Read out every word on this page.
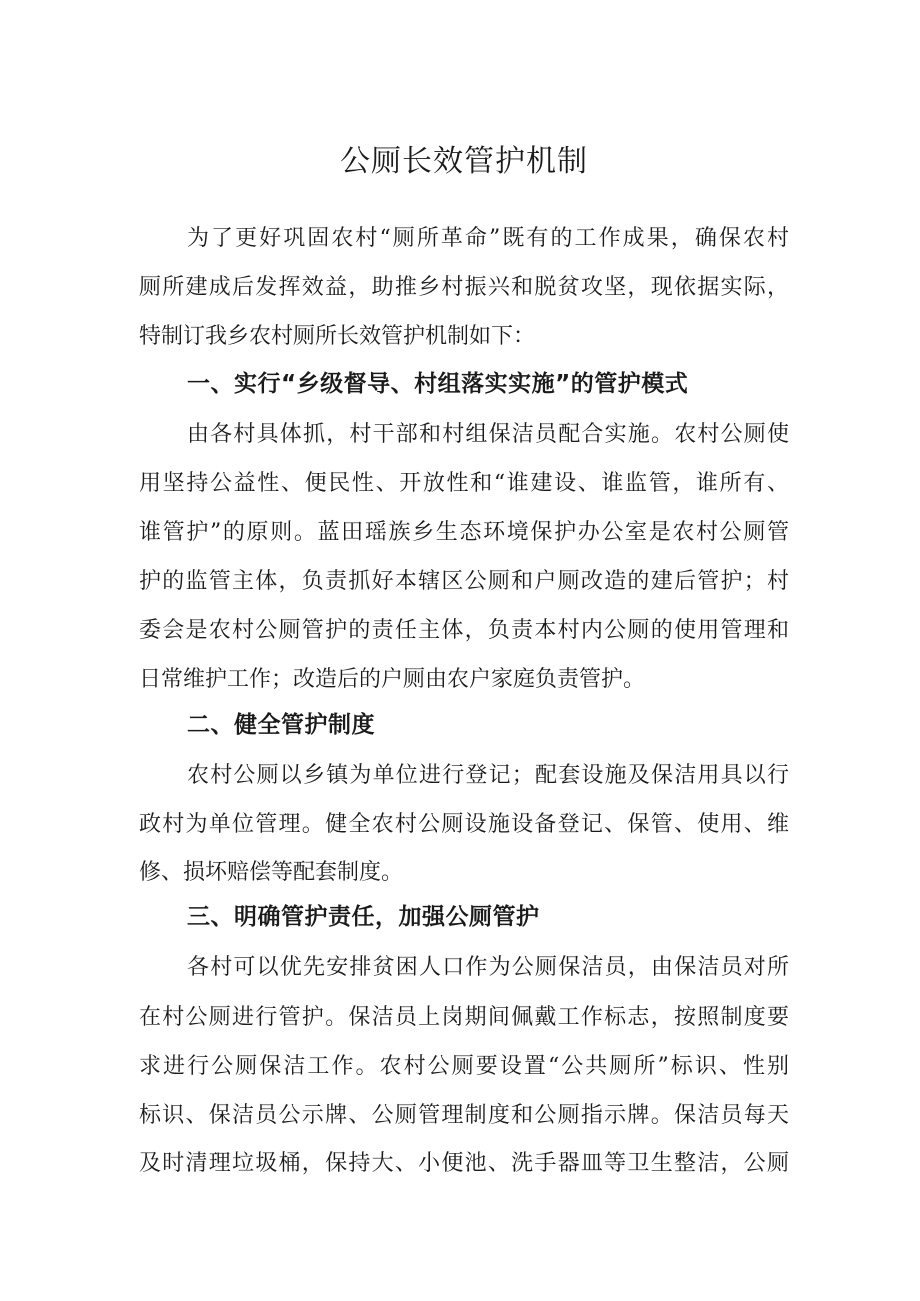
公厕长效管护机制

为了更好巩固农村“厕所革命”既有的工作成果，确保农村

厕所建成后发挥效益，助推乡村振兴和脱贫攻坚，现依据实际，

特制订我乡农村厕所长效管护机制如下：

一、实行“乡级督导、村组落实实施”的管护模式

由各村具体抓，村干部和村组保洁员配合实施。农村公厕使

用坚持公益性、便民性、开放性和“谁建设、谁监管，谁所有、

谁管护”的原则。蓝田瑶族乡生态环境保护办公室是农村公厕管

护的监管主体，负责抓好本辖区公厕和户厕改造的建后管护；村

委会是农村公厕管护的责任主体，负责本村内公厕的使用管理和

日常维护工作；改造后的户厕由农户家庭负责管护。

二、健全管护制度

农村公厕以乡镇为单位进行登记；配套设施及保洁用具以行

政村为单位管理。健全农村公厕设施设备登记、保管、使用、维

修、损坏赔偿等配套制度。

三、明确管护责任，加强公厕管护

各村可以优先安排贫困人口作为公厕保洁员，由保洁员对所

在村公厕进行管护。保洁员上岗期间佩戴工作标志，按照制度要

求进行公厕保洁工作。农村公厕要设置“公共厕所”标识、性别

标识、保洁员公示牌、公厕管理制度和公厕指示牌。保洁员每天

及时清理垃圾桶，保持大、小便池、洗手器皿等卫生整洁，公厕
